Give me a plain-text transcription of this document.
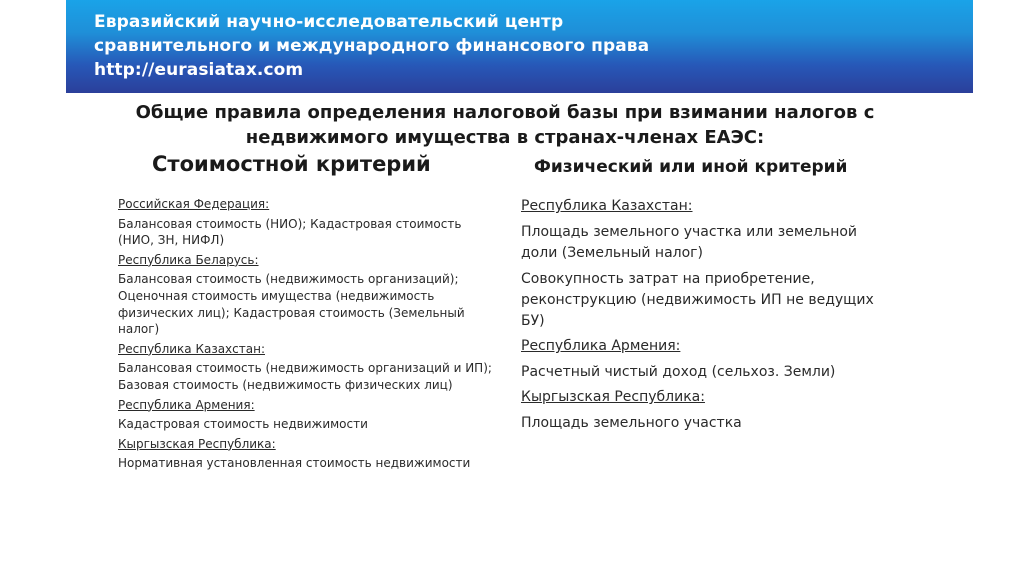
Евразийский научно-исследовательский центр
сравнительного и международного финансового права
http://eurasiatax.com
Общие правила определения налоговой базы при взимании налогов с
недвижимого имущества в странах-членах ЕАЭС:
Стоимостной критерий	Физический или иной критерий
Российская Федерация:
Балансовая стоимость (НИО); Кадастровая стоимость (НИО, ЗН, НИФЛ)
Республика Беларусь:
Балансовая стоимость (недвижимость организаций); Оценочная стоимость имущества (недвижимость физических лиц); Кадастровая стоимость (Земельный налог)
Республика Казахстан:
Балансовая стоимость (недвижимость организаций и ИП); Базовая стоимость (недвижимость физических лиц)
Республика Армения:
Кадастровая стоимость недвижимости
Кыргызская Республика:
Нормативная установленная стоимость недвижимости
Республика Казахстан:
Площадь земельного участка или земельной доли (Земельный налог)
Совокупность затрат на приобретение, реконструкцию (недвижимость ИП не ведущих БУ)
Республика Армения:
Расчетный чистый доход (сельхоз. Земли)
Кыргызская Республика:
Площадь земельного участка
